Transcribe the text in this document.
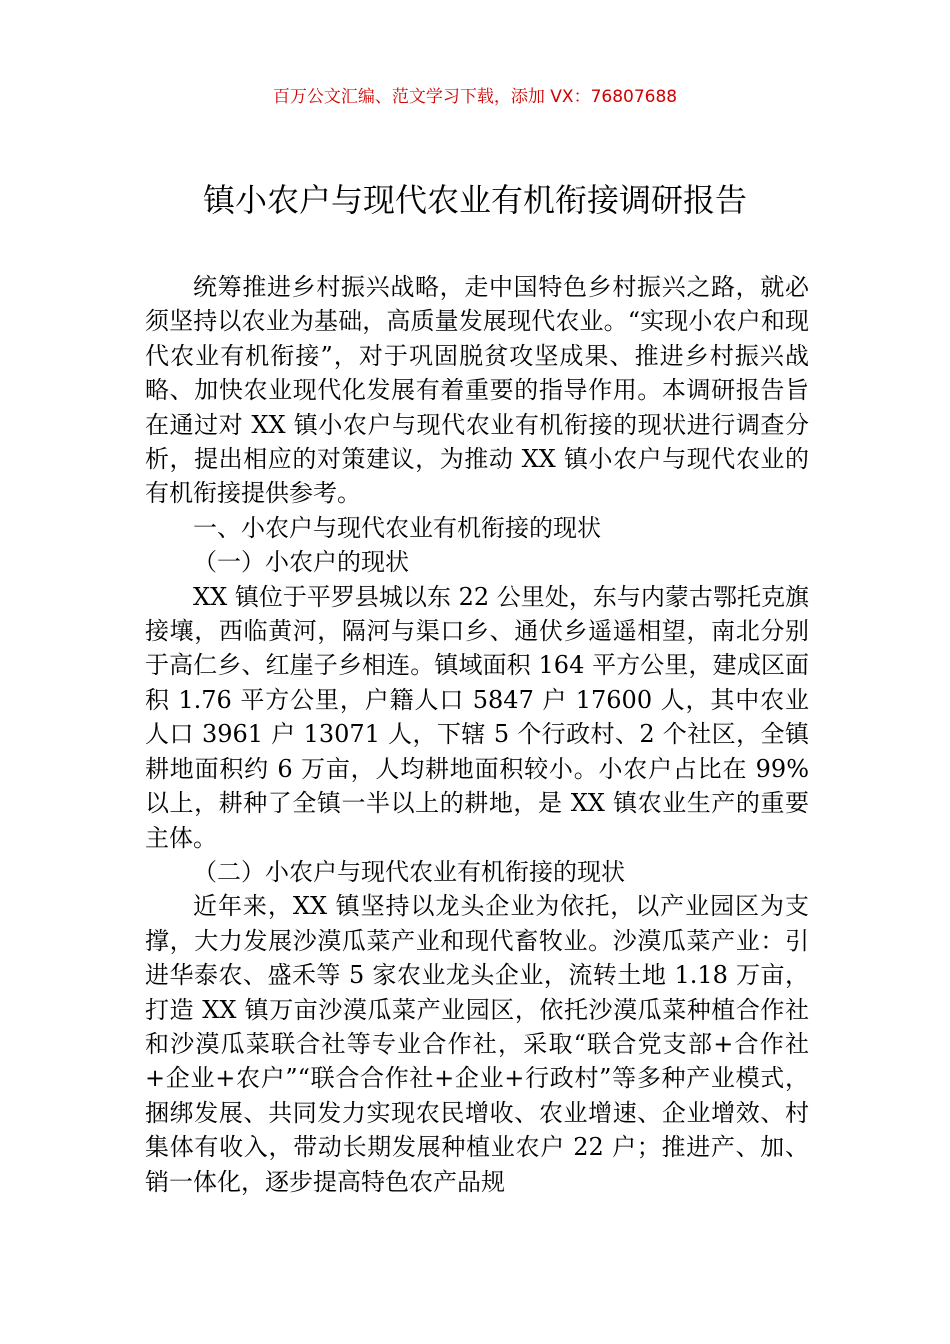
百万公文汇编、范文学习下载，添加 VX：76807688
镇小农户与现代农业有机衔接调研报告

统筹推进乡村振兴战略，走中国特色乡村振兴之路，就必须坚持以农业为基础，高质量发展现代农业。“实现小农户和现代农业有机衔接”，对于巩固脱贫攻坚成果、推进乡村振兴战略、加快农业现代化发展有着重要的指导作用。本调研报告旨在通过对 XX 镇小农户与现代农业有机衔接的现状进行调查分析，提出相应的对策建议，为推动 XX 镇小农户与现代农业的有机衔接提供参考。

一、小农户与现代农业有机衔接的现状

（一）小农户的现状

XX 镇位于平罗县城以东 22 公里处，东与内蒙古鄂托克旗接壤，西临黄河，隔河与渠口乡、通伏乡遥遥相望，南北分别于高仁乡、红崖子乡相连。镇域面积 164 平方公里，建成区面积 1.76 平方公里，户籍人口 5847 户 17600 人，其中农业人口 3961 户 13071 人，下辖 5 个行政村、2 个社区，全镇耕地面积约 6 万亩，人均耕地面积较小。小农户占比在 99%以上，耕种了全镇一半以上的耕地，是 XX 镇农业生产的重要主体。

（二）小农户与现代农业有机衔接的现状

近年来，XX 镇坚持以龙头企业为依托，以产业园区为支撑，大力发展沙漠瓜菜产业和现代畜牧业。沙漠瓜菜产业：引进华泰农、盛禾等 5 家农业龙头企业，流转土地 1.18 万亩，打造 XX 镇万亩沙漠瓜菜产业园区，依托沙漠瓜菜种植合作社和沙漠瓜菜联合社等专业合作社，采取“联合党支部+合作社+企业+农户”“联合合作社+企业+行政村”等多种产业模式，捆绑发展、共同发力实现农民增收、农业增速、企业增效、村集体有收入，带动长期发展种植业农户 22 户；推进产、加、销一体化，逐步提高特色农产品规
